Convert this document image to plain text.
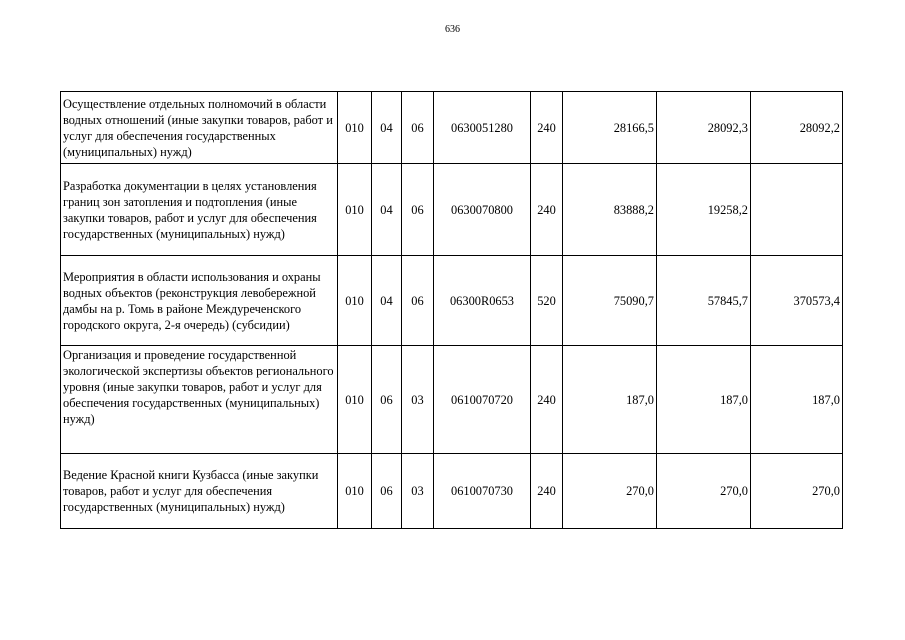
636
Осуществление отдельных полномочий в области водных отношений (иные закупки товаров, работ и услуг для обеспечения государственных (муниципальных) нужд)	010	04	06	0630051280	240	28166,5	28092,3	28092,2
Разработка документации в целях установления границ зон затопления и подтопления (иные закупки товаров, работ и услуг для обеспечения государственных (муниципальных) нужд)	010	04	06	0630070800	240	83888,2	19258,2	
Мероприятия в области использования и охраны водных объектов (реконструкция левобережной дамбы на р. Томь в районе Междуреченского городского округа, 2-я очередь) (субсидии)	010	04	06	06300R0653	520	75090,7	57845,7	370573,4
Организация и проведение государственной экологической экспертизы объектов регионального уровня (иные закупки товаров, работ и услуг для обеспечения государственных (муниципальных) нужд)	010	06	03	0610070720	240	187,0	187,0	187,0
Ведение Красной книги Кузбасса (иные закупки товаров, работ и услуг для обеспечения государственных (муниципальных) нужд)	010	06	03	0610070730	240	270,0	270,0	270,0
